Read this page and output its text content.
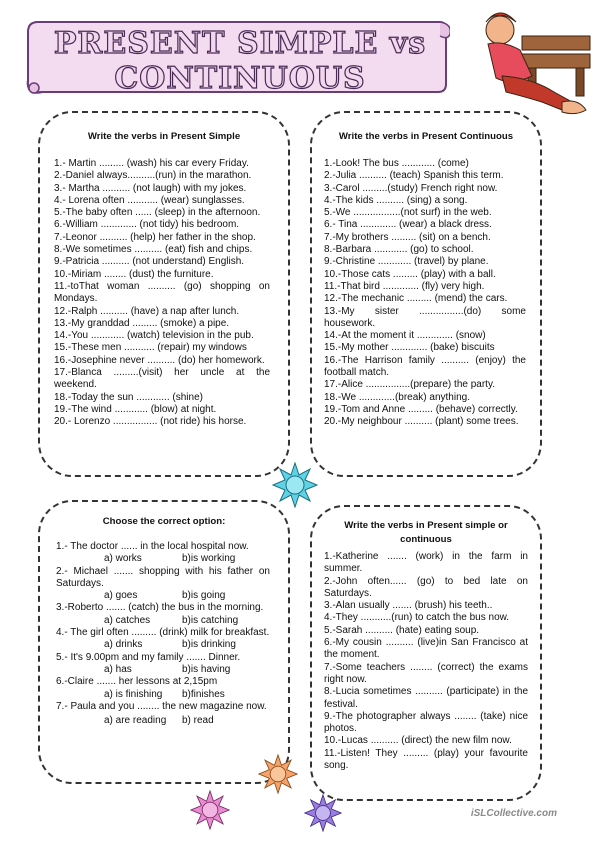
PRESENT SIMPLE vs CONTINUOUS
Write the verbs in Present Simple
1.- Martin ......... (wash) his car every Friday.
2.-Daniel always..........(run) in the marathon.
3.- Martha .......... (not laugh) with my jokes.
4.- Lorena often ........... (wear) sunglasses.
5.-The baby often ...... (sleep) in the afternoon.
6.-William ............. (not tidy) his bedroom.
7.-Leonor .......... (help) her father in the shop.
8.-We sometimes .......... (eat) fish and chips.
9.-Patricia .......... (not understand) English.
10.-Miriam ........ (dust) the furniture.
11.-toThat woman .......... (go) shopping on Mondays.
12.-Ralph .......... (have) a nap after lunch.
13.-My granddad ......... (smoke) a pipe.
14.-You ............ (watch) television in the pub.
15.-These men ........... (repair) my windows
16.-Josephine never .......... (do) her homework.
17.-Blanca .........(visit) her uncle at the weekend.
18.-Today the sun ............ (shine)
19.-The wind ............ (blow) at night.
20.- Lorenzo ................ (not ride) his horse.
Write the verbs in Present Continuous
1.-Look! The bus ............ (come)
2.-Julia .......... (teach) Spanish this term.
3.-Carol .........(study) French right now.
4.-The kids .......... (sing) a song.
5.-We .................(not surf) in the web.
6.- Tina ............. (wear) a black dress.
7.-My brothers ......... (sit) on a bench.
8.-Barbara ............ (go) to school.
9.-Christine ............ (travel) by plane.
10.-Those cats ......... (play) with a ball.
11.-That bird ............. (fly) very high.
12.-The mechanic ......... (mend) the cars.
13.-My sister ................(do) some housework.
14.-At the moment it ............. (snow)
15.-My mother ............. (bake) biscuits
16.-The Harrison family .......... (enjoy) the football match.
17.-Alice ................(prepare) the party.
18.-We .............(break) anything.
19.-Tom and Anne ......... (behave) correctly.
20.-My neighbour .......... (plant) some trees.
Choose the correct option:
1.- The doctor ...... in the local hospital now.
a) works	b)is working
2.- Michael ....... shopping with his father on Saturdays.
a) goes	b)is going
3.-Roberto ....... (catch) the bus in the morning.
a) catches	b)is catching
4.- The girl often ......... (drink) milk for breakfast.
a) drinks	b)is drinking
5.- It's 9.00pm and my family ....... Dinner.
a) has	b)is having
6.-Claire ....... her lessons at 2,15pm
a) is finishing b)finishes
7.- Paula and you ........ the new magazine now.
a) are reading b) read
Write the verbs in Present simple or continuous
1.-Katherine ....... (work) in the farm in summer.
2.-John often...... (go) to bed late on Saturdays.
3.-Alan usually ....... (brush) his teeth..
4.-They ...........(run) to catch the bus now.
5.-Sarah .......... (hate) eating soup.
6.-My cousin .......... (live)in San Francisco at the moment.
7.-Some teachers ........ (correct) the exams right now.
8.-Lucia sometimes .......... (participate) in the festival.
9.-The photographer always ........ (take) nice photos.
10.-Lucas .......... (direct) the new film now.
11.-Listen! They ......... (play) your favourite song.
iSLCollective.com
